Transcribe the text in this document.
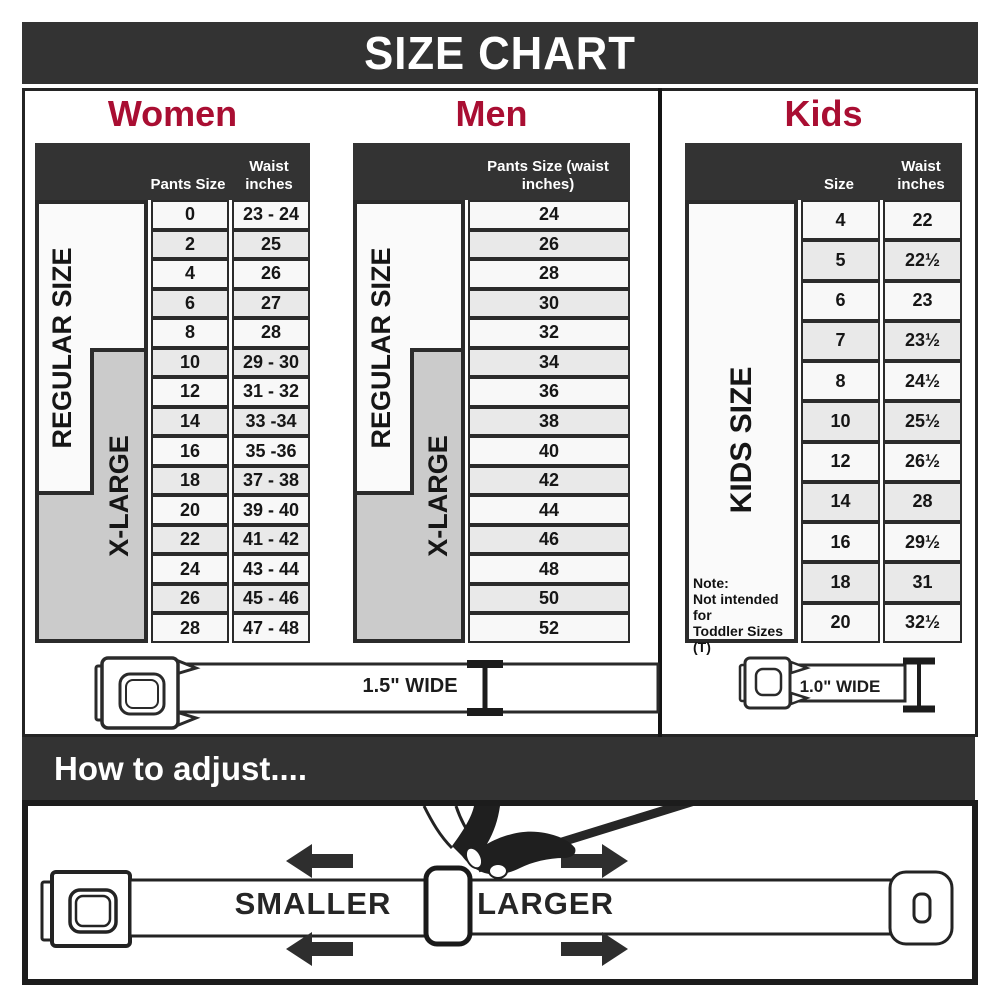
SIZE CHART
Women	Men	Kids
Pants Size
Waist inches
REGULAR SIZE
X-LARGE
0	23 - 24
2	25
4	26
6	27
8	28
10	29 - 30
12	31 - 32
14	33 -34
16	35 -36
18	37 - 38
20	39 - 40
22	41 - 42
24	43 - 44
26	45 - 46
28	47 - 48
Pants Size (waist inches)
REGULAR SIZE
X-LARGE
24
26
28
30
32
34
36
38
40
42
44
46
48
50
52
Size
Waist inches
KIDS SIZE
Note:
Not intended for
Toddler Sizes (T)
4	22
5	22½
6	23
7	23½
8	24½
10	25½
12	26½
14	28
16	29½
18	31
20	32½
1.5" WIDE	1.0" WIDE
How to adjust....
SMALLER	LARGER
